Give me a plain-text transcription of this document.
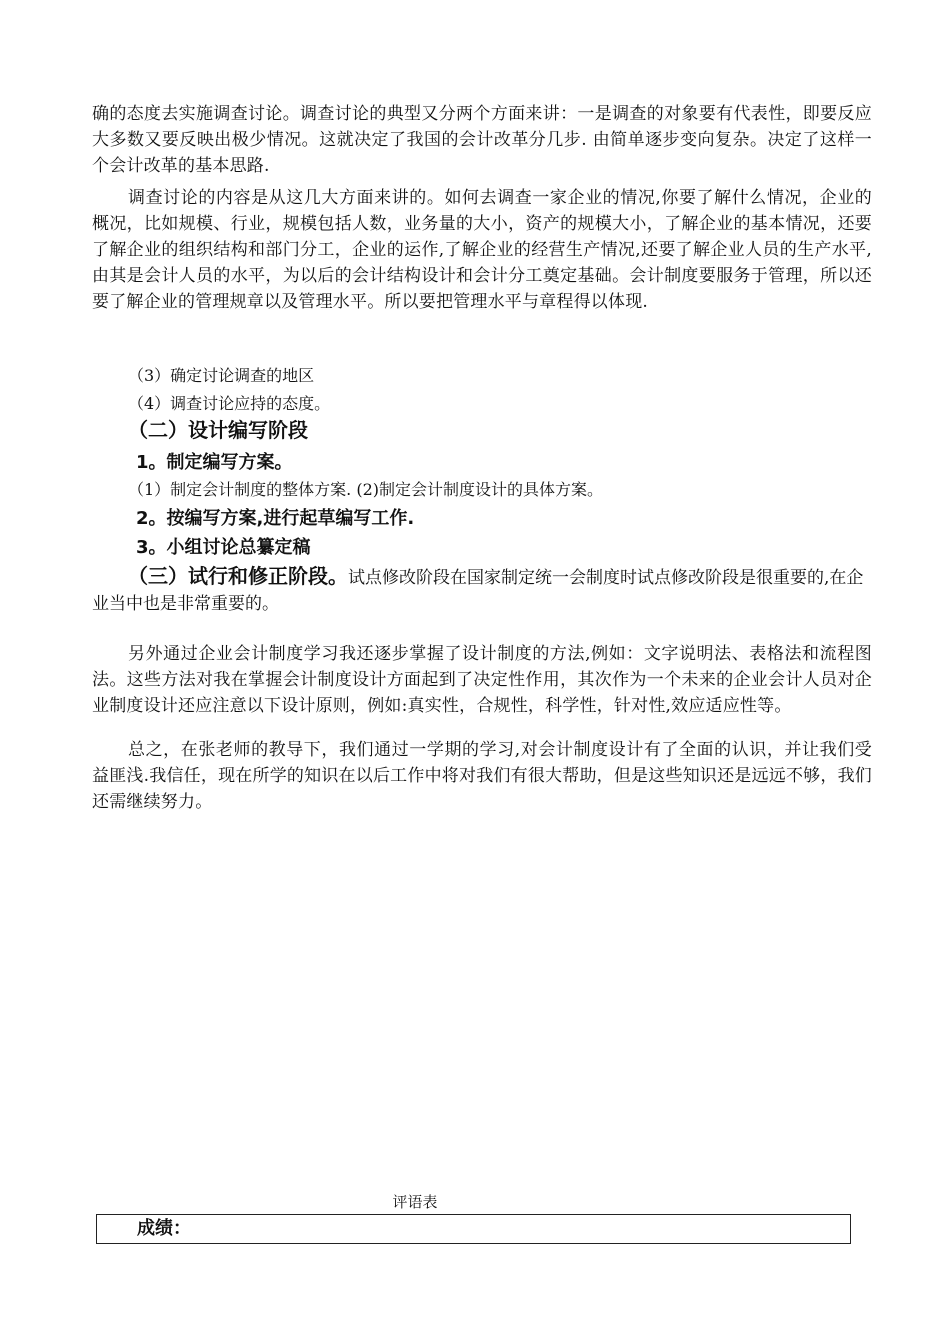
确的态度去实施调查讨论。调查讨论的典型又分两个方面来讲：一是调查的对象要有代表性，即要反应大多数又要反映出极少情况。这就决定了我国的会计改革分几步. 由简单逐步变向复杂。决定了这样一个会计改革的基本思路.

调查讨论的内容是从这几大方面来讲的。如何去调查一家企业的情况,你要了解什么情况，企业的概况，比如规模、行业，规模包括人数，业务量的大小，资产的规模大小，了解企业的基本情况，还要了解企业的组织结构和部门分工，企业的运作,了解企业的经营生产情况,还要了解企业人员的生产水平,由其是会计人员的水平，为以后的会计结构设计和会计分工奠定基础。会计制度要服务于管理，所以还要了解企业的管理规章以及管理水平。所以要把管理水平与章程得以体现.

（3）确定讨论调查的地区

（4）调查讨论应持的态度。

（二）设计编写阶段

1。制定编写方案。

（1）制定会计制度的整体方案. (2)制定会计制度设计的具体方案。

2。按编写方案,进行起草编写工作.

3。小组讨论总纂定稿

（三）试行和修正阶段。试点修改阶段在国家制定统一会制度时试点修改阶段是很重要的,在企业当中也是非常重要的。

另外通过企业会计制度学习我还逐步掌握了设计制度的方法,例如：文字说明法、表格法和流程图法。这些方法对我在掌握会计制度设计方面起到了决定性作用，其次作为一个未来的企业会计人员对企业制度设计还应注意以下设计原则，例如:真实性，合规性，科学性，针对性,效应适应性等。

总之，在张老师的教导下，我们通过一学期的学习,对会计制度设计有了全面的认识，并让我们受益匪浅.我信任，现在所学的知识在以后工作中将对我们有很大帮助，但是这些知识还是远远不够，我们还需继续努力。

评语表
成绩：
